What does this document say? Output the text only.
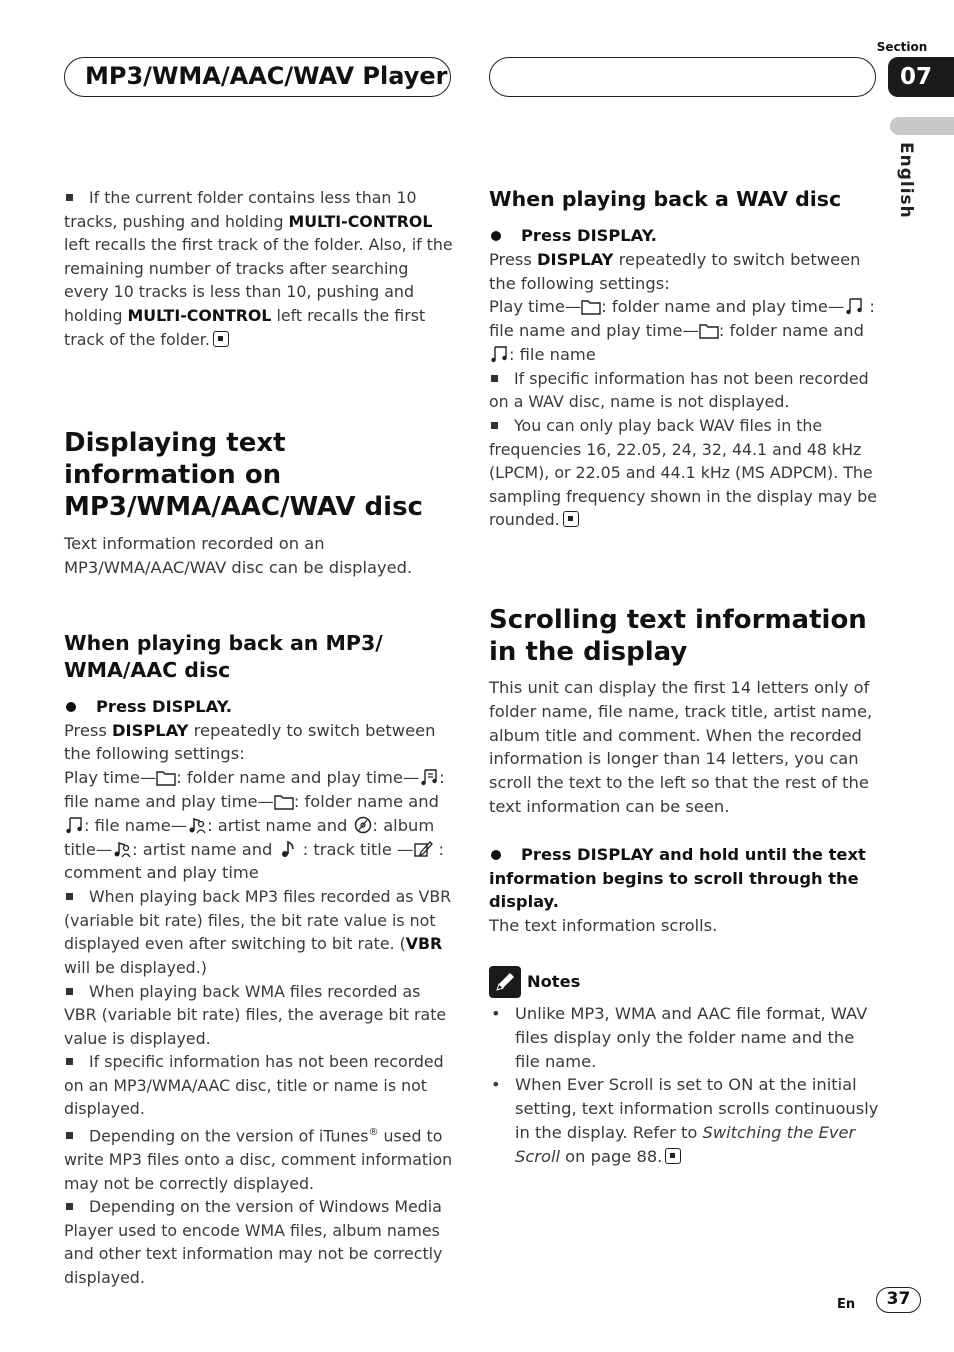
MP3/WMA/AAC/WAV Player
Section
07
English

If the current folder contains less than 10 tracks, pushing and holding MULTI-CONTROL left recalls the first track of the folder. Also, if the remaining number of tracks after searching every 10 tracks is less than 10, pushing and holding MULTI-CONTROL left recalls the first track of the folder.

Displaying text information on MP3/WMA/AAC/WAV disc

Text information recorded on an MP3/WMA/AAC/WAV disc can be displayed.

When playing back an MP3/ WMA/AAC disc
Press DISPLAY.

Press DISPLAY repeatedly to switch between the following settings:

Play time— : folder name and play time— : file name and play time— : folder name and : file name— : artist name and : album title— : artist name and  : track title — : comment and play time

When playing back MP3 files recorded as VBR (variable bit rate) files, the bit rate value is not displayed even after switching to bit rate. (VBR will be displayed.)

When playing back WMA files recorded as VBR (variable bit rate) files, the average bit rate value is displayed.

If specific information has not been recorded on an MP3/WMA/AAC disc, title or name is not displayed.

Depending on the version of iTunes® used to write MP3 files onto a disc, comment information may not be correctly displayed.

Depending on the version of Windows Media Player used to encode WMA files, album names and other text information may not be correctly displayed.

When playing back a WAV disc
Press DISPLAY.

Press DISPLAY repeatedly to switch between the following settings:

Play time— : folder name and play time— : file name and play time— : folder name and : file name

If specific information has not been recorded on a WAV disc, name is not displayed.

You can only play back WAV files in the frequencies 16, 22.05, 24, 32, 44.1 and 48 kHz (LPCM), or 22.05 and 44.1 kHz (MS ADPCM). The sampling frequency shown in the display may be rounded.

Scrolling text information in the display

This unit can display the first 14 letters only of folder name, file name, track title, artist name, album title and comment. When the recorded information is longer than 14 letters, you can scroll the text to the left so that the rest of the text information can be seen.

Press DISPLAY and hold until the text information begins to scroll through the display.

The text information scrolls.

Notes
• Unlike MP3, WMA and AAC file format, WAV files display only the folder name and the file name.
• When Ever Scroll is set to ON at the initial setting, text information scrolls continuously in the display. Refer to Switching the Ever Scroll on page 88.
En	37
